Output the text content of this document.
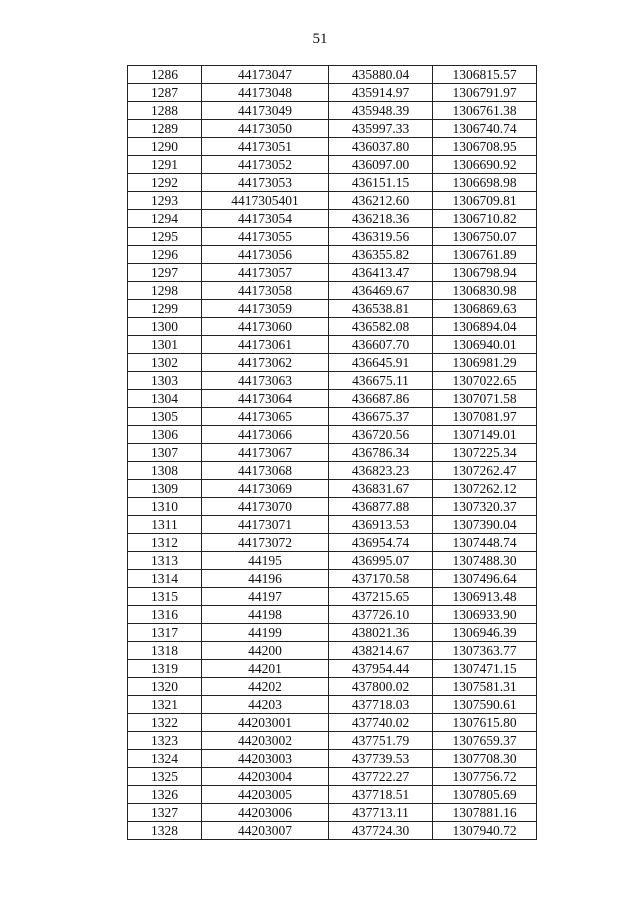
51
1286	44173047	435880.04	1306815.57
1287	44173048	435914.97	1306791.97
1288	44173049	435948.39	1306761.38
1289	44173050	435997.33	1306740.74
1290	44173051	436037.80	1306708.95
1291	44173052	436097.00	1306690.92
1292	44173053	436151.15	1306698.98
1293	4417305401	436212.60	1306709.81
1294	44173054	436218.36	1306710.82
1295	44173055	436319.56	1306750.07
1296	44173056	436355.82	1306761.89
1297	44173057	436413.47	1306798.94
1298	44173058	436469.67	1306830.98
1299	44173059	436538.81	1306869.63
1300	44173060	436582.08	1306894.04
1301	44173061	436607.70	1306940.01
1302	44173062	436645.91	1306981.29
1303	44173063	436675.11	1307022.65
1304	44173064	436687.86	1307071.58
1305	44173065	436675.37	1307081.97
1306	44173066	436720.56	1307149.01
1307	44173067	436786.34	1307225.34
1308	44173068	436823.23	1307262.47
1309	44173069	436831.67	1307262.12
1310	44173070	436877.88	1307320.37
1311	44173071	436913.53	1307390.04
1312	44173072	436954.74	1307448.74
1313	44195	436995.07	1307488.30
1314	44196	437170.58	1307496.64
1315	44197	437215.65	1306913.48
1316	44198	437726.10	1306933.90
1317	44199	438021.36	1306946.39
1318	44200	438214.67	1307363.77
1319	44201	437954.44	1307471.15
1320	44202	437800.02	1307581.31
1321	44203	437718.03	1307590.61
1322	44203001	437740.02	1307615.80
1323	44203002	437751.79	1307659.37
1324	44203003	437739.53	1307708.30
1325	44203004	437722.27	1307756.72
1326	44203005	437718.51	1307805.69
1327	44203006	437713.11	1307881.16
1328	44203007	437724.30	1307940.72
